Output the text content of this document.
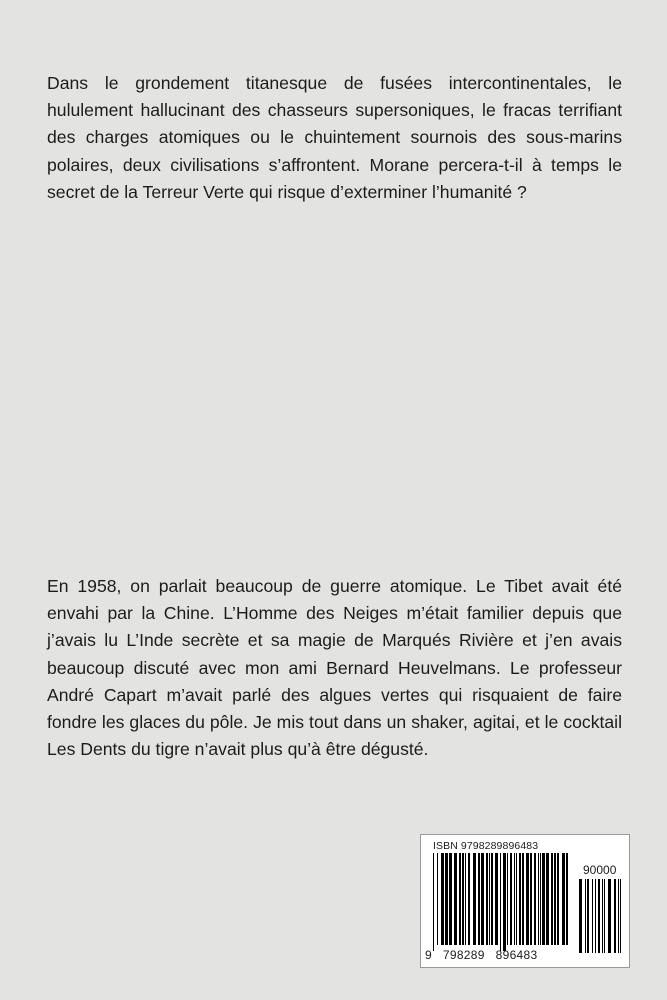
Dans le grondement titanesque de fusées intercontinentales, le hululement hallucinant des chasseurs supersoniques, le fracas terrifiant des charges atomiques ou le chuintement sournois des sous-marins polaires, deux civilisations s’affrontent. Morane percera-t-il à temps le secret de la Terreur Verte qui risque d’exterminer l’humanité ?

En 1958, on parlait beaucoup de guerre atomique. Le Tibet avait été envahi par la Chine. L’Homme des Neiges m’était familier depuis que j’avais lu L’Inde secrète et sa magie de Marqués Rivière et j’en avais beaucoup discuté avec mon ami Bernard Heuvelmans. Le professeur André Capart m’avait parlé des algues vertes qui risquaient de faire fondre les glaces du pôle. Je mis tout dans un shaker, agitai, et le cocktail Les Dents du tigre n’avait plus qu’à être dégusté.

ISBN 9798289896483
90000
9 798289 896483
